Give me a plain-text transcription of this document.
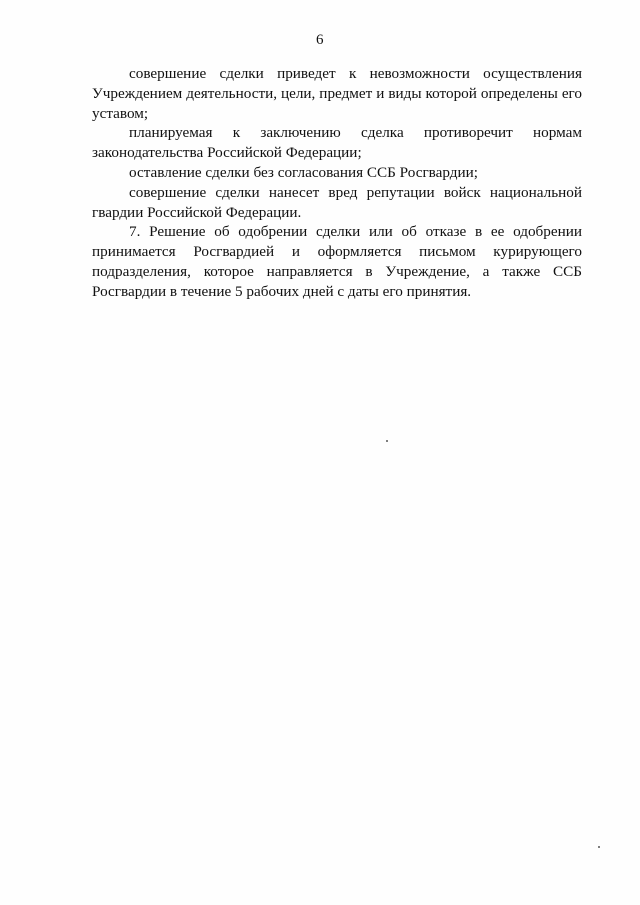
6

совершение сделки приведет к невозможности осуществления Учреждением деятельности, цели, предмет и виды которой определены его уставом;

планируемая к заключению сделка противоречит нормам законодательства Российской Федерации;

оставление сделки без согласования ССБ Росгвардии;

совершение сделки нанесет вред репутации войск национальной гвардии Российской Федерации.

7. Решение об одобрении сделки или об отказе в ее одобрении принимается Росгвардией и оформляется письмом курирующего подразделения, которое направляется в Учреждение, а также ССБ Росгвардии в течение 5 рабочих дней с даты его принятия.
